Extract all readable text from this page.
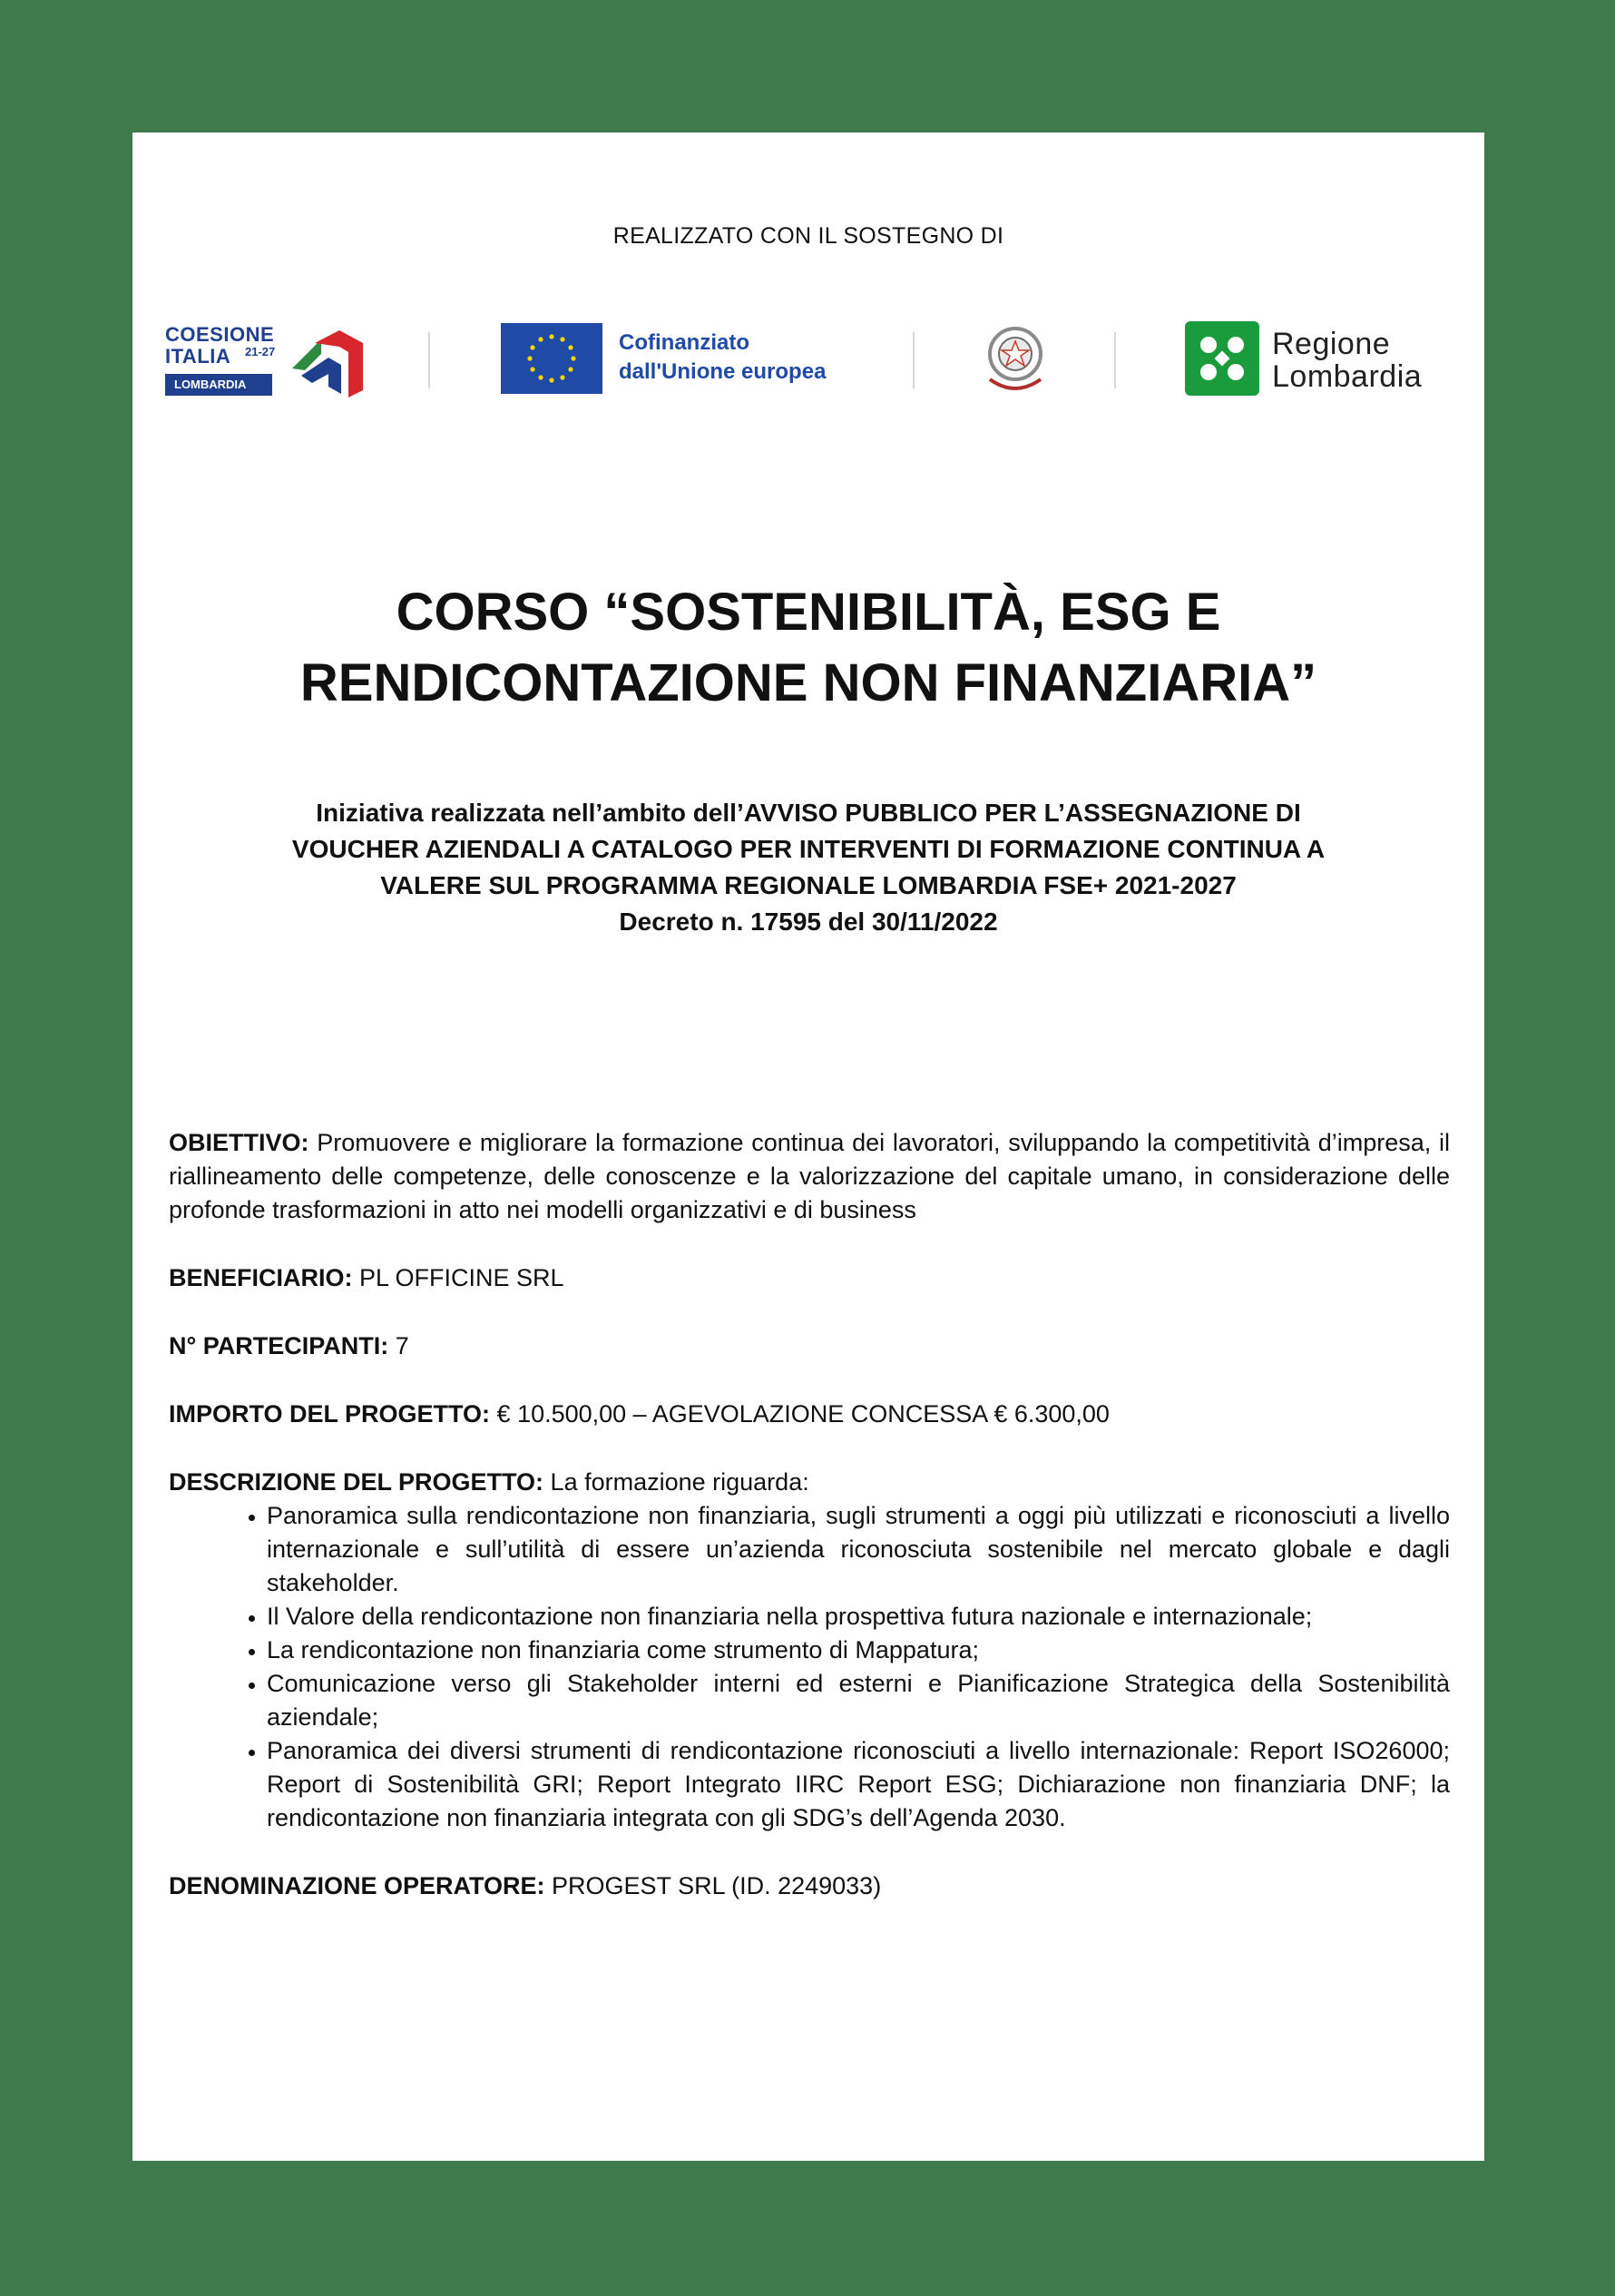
REALIZZATO CON IL SOSTEGNO DI
COESIONE
ITALIA 21-27
LOMBARDIA
Cofinanziato
dall'Unione europea
Regione
Lombardia
CORSO “SOSTENIBILITÀ, ESG E
RENDICONTAZIONE NON FINANZIARIA”
Iniziativa realizzata nell’ambito dell’AVVISO PUBBLICO PER L’ASSEGNAZIONE DI
VOUCHER AZIENDALI A CATALOGO PER INTERVENTI DI FORMAZIONE CONTINUA A
VALERE SUL PROGRAMMA REGIONALE LOMBARDIA FSE+ 2021-2027
Decreto n. 17595 del 30/11/2022

OBIETTIVO: Promuovere e migliorare la formazione continua dei lavoratori, sviluppando la competitività d’impresa, il riallineamento delle competenze, delle conoscenze e la valorizzazione del capitale umano, in considerazione delle profonde trasformazioni in atto nei modelli organizzativi e di business

BENEFICIARIO: PL OFFICINE SRL

N° PARTECIPANTI: 7

IMPORTO DEL PROGETTO: € 10.500,00 – AGEVOLAZIONE CONCESSA € 6.300,00

DESCRIZIONE DEL PROGETTO: La formazione riguarda:

• Panoramica sulla rendicontazione non finanziaria, sugli strumenti a oggi più utilizzati e riconosciuti a livello internazionale e sull’utilità di essere un’azienda riconosciuta sostenibile nel mercato globale e dagli stakeholder.
• Il Valore della rendicontazione non finanziaria nella prospettiva futura nazionale e internazionale;
• La rendicontazione non finanziaria come strumento di Mappatura;
• Comunicazione verso gli Stakeholder interni ed esterni e Pianificazione Strategica della Sostenibilità aziendale;
• Panoramica dei diversi strumenti di rendicontazione riconosciuti a livello internazionale: Report ISO26000; Report di Sostenibilità GRI; Report Integrato IIRC Report ESG; Dichiarazione non finanziaria DNF; la rendicontazione non finanziaria integrata con gli SDG’s dell’Agenda 2030.

DENOMINAZIONE OPERATORE: PROGEST SRL (ID. 2249033)
